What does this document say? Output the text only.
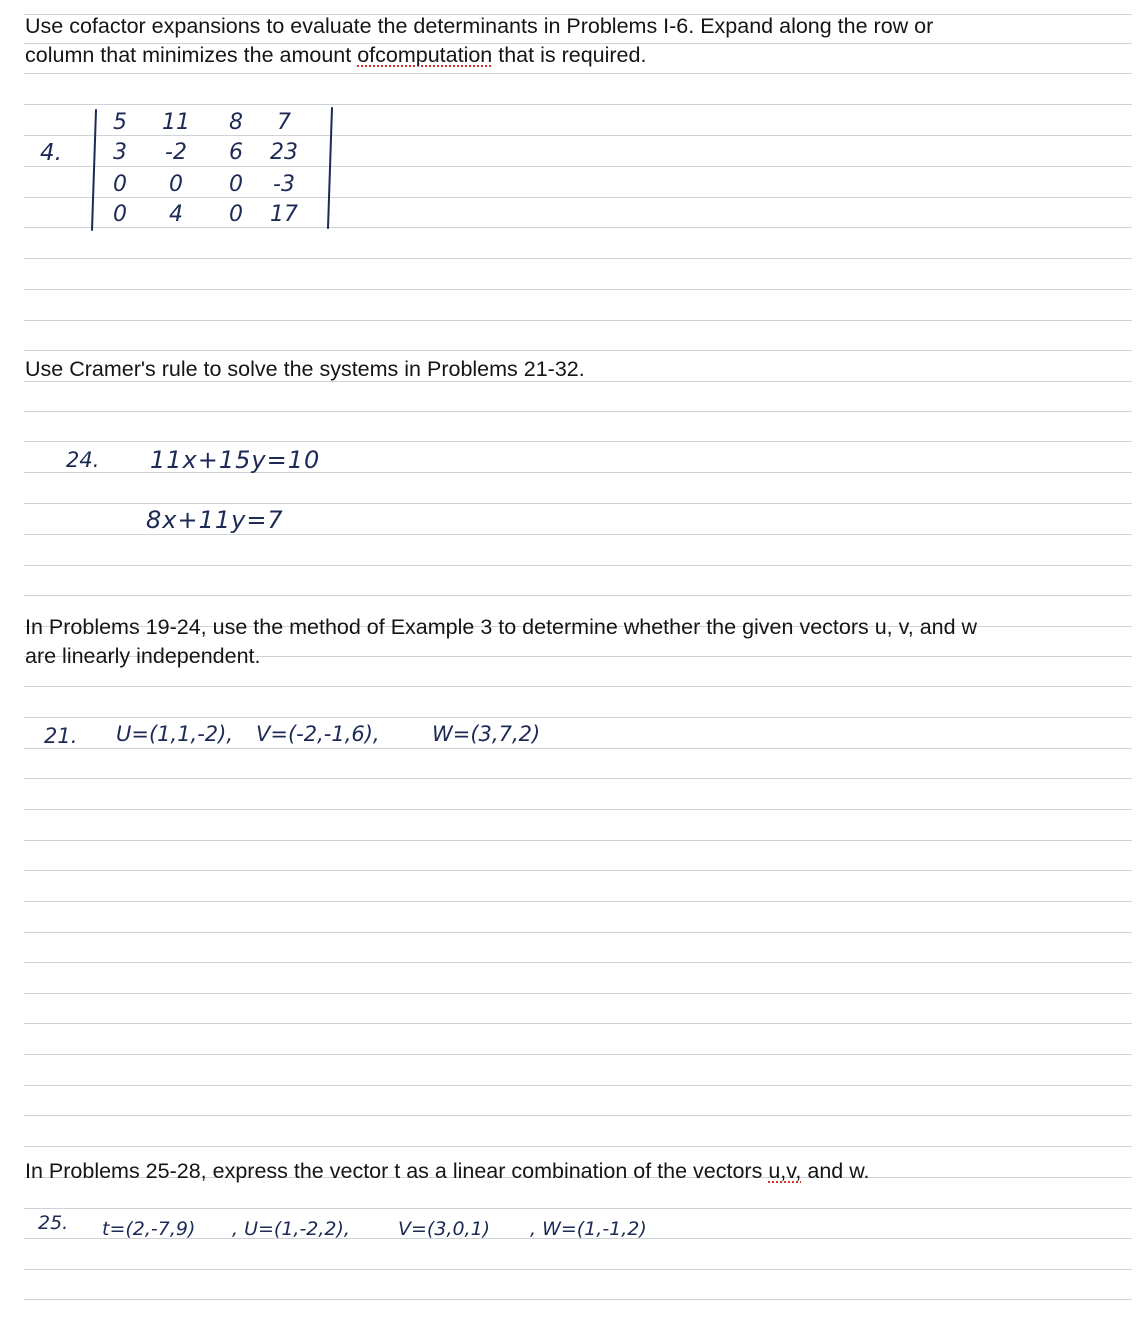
Use cofactor expansions to evaluate the determinants in Problems I-6. Expand along the row or
column that minimizes the amount ofcomputation that is required.
4.
5	11	8	7
3	-2	6	23
0	0	0	-3
0	4	0	17
Use Cramer's rule to solve the systems in Problems 21-32.
24. 11x+15y=10
8x+11y=7
In Problems 19-24, use the method of Example 3 to determine whether the given vectors u, v, and w
are linearly independent.
21. U=(1,1,-2), V=(-2,-1,6), W=(3,7,2)
In Problems 25-28, express the vector t as a linear combination of the vectors u,v, and w.
25. t=(2,-7,9) , U=(1,-2,2),	V=(3,0,1) , W=(1,-1,2)
